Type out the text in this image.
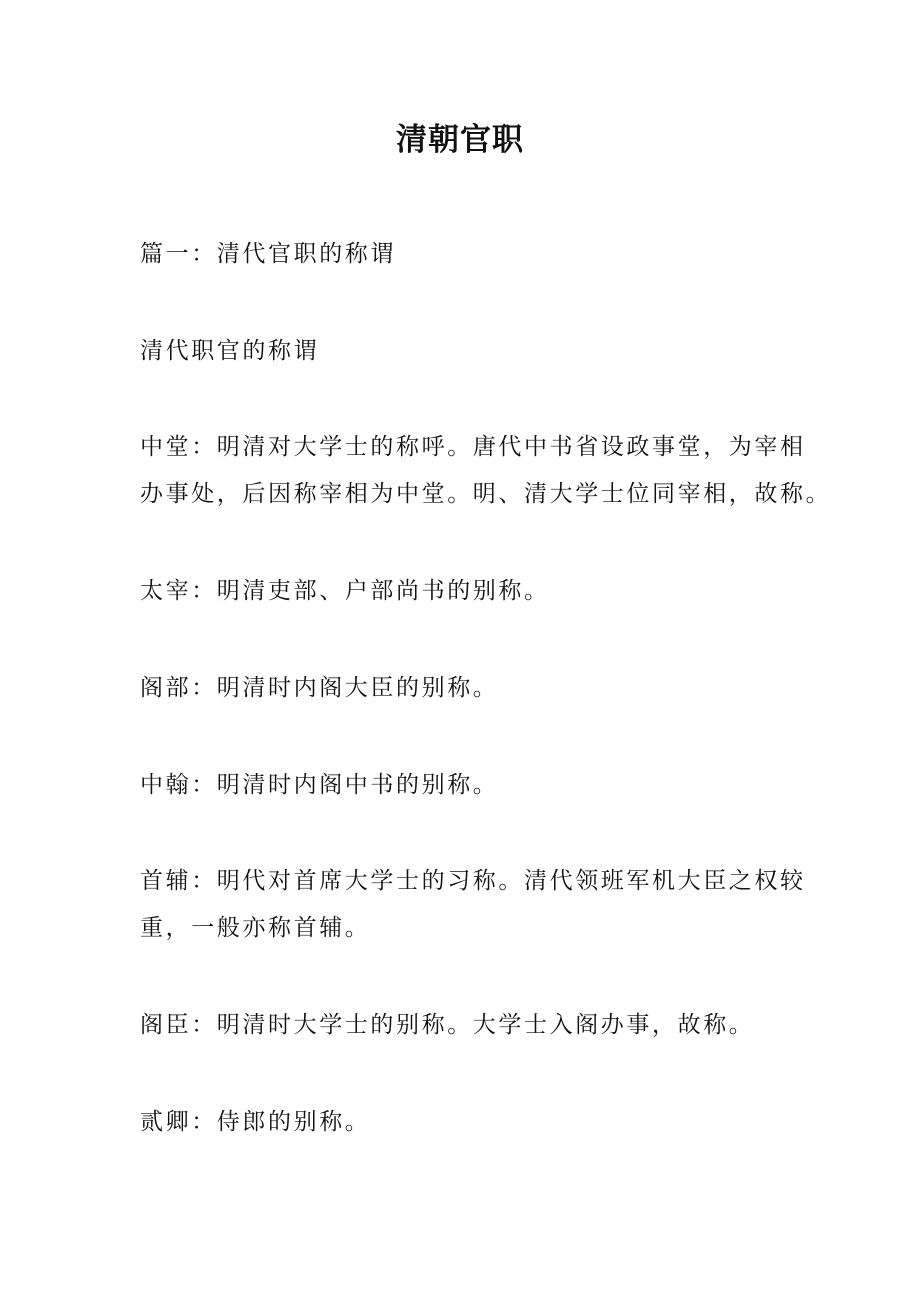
清朝官职

篇一：清代官职的称谓

清代职官的称谓

中堂：明清对大学士的称呼。唐代中书省设政事堂，为宰相
办事处，后因称宰相为中堂。明、清大学士位同宰相，故称。

太宰：明清吏部、户部尚书的别称。

阁部：明清时内阁大臣的别称。

中翰：明清时内阁中书的别称。

首辅：明代对首席大学士的习称。清代领班军机大臣之权较
重，一般亦称首辅。

阁臣：明清时大学士的别称。大学士入阁办事，故称。

贰卿：侍郎的别称。
